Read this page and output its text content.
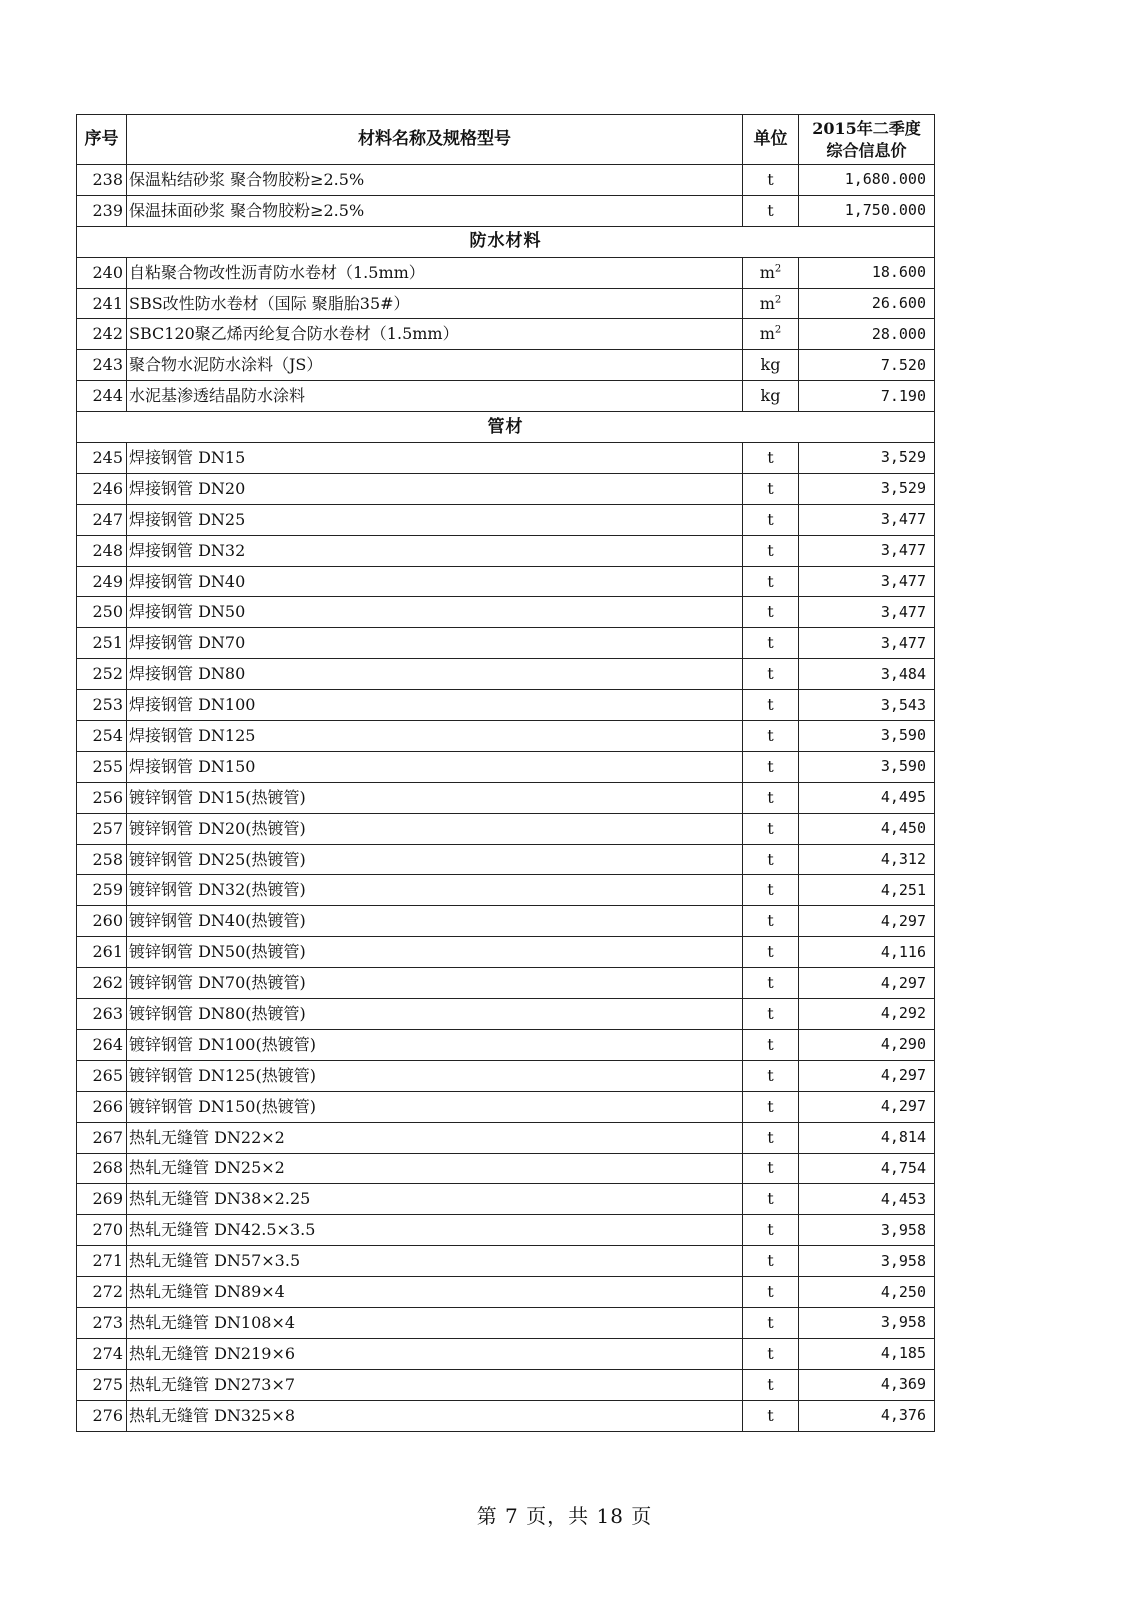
序号	材料名称及规格型号	单位	2015年二季度
综合信息价
238	保温粘结砂浆 聚合物胶粉≥2.5%	t	1,680.000
239	保温抹面砂浆 聚合物胶粉≥2.5%	t	1,750.000
防水材料			
240	自粘聚合物改性沥青防水卷材（1.5mm）	$m^2$	18.600
241	SBS改性防水卷材（国际 聚脂胎35#）	$m^2$	26.600
242	SBC120聚乙烯丙纶复合防水卷材（1.5mm）	$m^2$	28.000
243	聚合物水泥防水涂料（JS）	kg	7.520
244	水泥基渗透结晶防水涂料	kg	7.190
管材			
245	焊接钢管 DN15	t	3,529
246	焊接钢管 DN20	t	3,529
247	焊接钢管 DN25	t	3,477
248	焊接钢管 DN32	t	3,477
249	焊接钢管 DN40	t	3,477
250	焊接钢管 DN50	t	3,477
251	焊接钢管 DN70	t	3,477
252	焊接钢管 DN80	t	3,484
253	焊接钢管 DN100	t	3,543
254	焊接钢管 DN125	t	3,590
255	焊接钢管 DN150	t	3,590
256	镀锌钢管 DN15(热镀管)	t	4,495
257	镀锌钢管 DN20(热镀管)	t	4,450
258	镀锌钢管 DN25(热镀管)	t	4,312
259	镀锌钢管 DN32(热镀管)	t	4,251
260	镀锌钢管 DN40(热镀管)	t	4,297
261	镀锌钢管 DN50(热镀管)	t	4,116
262	镀锌钢管 DN70(热镀管)	t	4,297
263	镀锌钢管 DN80(热镀管)	t	4,292
264	镀锌钢管 DN100(热镀管)	t	4,290
265	镀锌钢管 DN125(热镀管)	t	4,297
266	镀锌钢管 DN150(热镀管)	t	4,297
267	热轧无缝管 DN22×2	t	4,814
268	热轧无缝管 DN25×2	t	4,754
269	热轧无缝管 DN38×2.25	t	4,453
270	热轧无缝管 DN42.5×3.5	t	3,958
271	热轧无缝管 DN57×3.5	t	3,958
272	热轧无缝管 DN89×4	t	4,250
273	热轧无缝管 DN108×4	t	3,958
274	热轧无缝管 DN219×6	t	4,185
275	热轧无缝管 DN273×7	t	4,369
276	热轧无缝管 DN325×8	t	4,376
第 7 页，共 18 页
